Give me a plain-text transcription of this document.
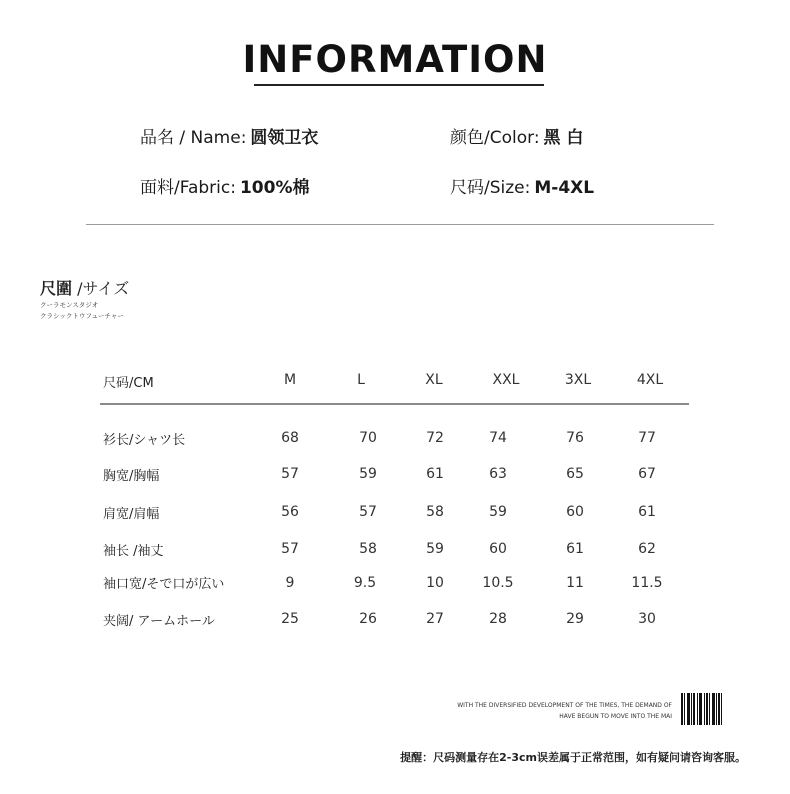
INFORMATION
品名 / Name: 圆领卫衣	颜色/Color: 黑 白
面料/Fabric: 100%棉	尺码/Size: M-4XL
尺圍 /サイズ
クーラモンスタジオ
クラシックトウフューチャー
尺码/CM	M	L	XL	XXL	3XL	4XL
衫长/シャツ长	68	70	72	74	76	77
胸宽/胸幅	57	59	61	63	65	67
肩宽/肩幅	56	57	58	59	60	61
袖长 /袖丈	57	58	59	60	61	62
袖口宽/そで口が広い	9	9.5	10	10.5	11	11.5
夹阔/ アームホール	25	26	27	28	29	30
WITH THE DIVERSIFIED DEVELOPMENT OF THE TIMES, THE DEMAND OF
HAVE BEGUN TO MOVE INTO THE MAI
提醒：尺码测量存在2-3cm误差属于正常范围，如有疑问请咨询客服。
